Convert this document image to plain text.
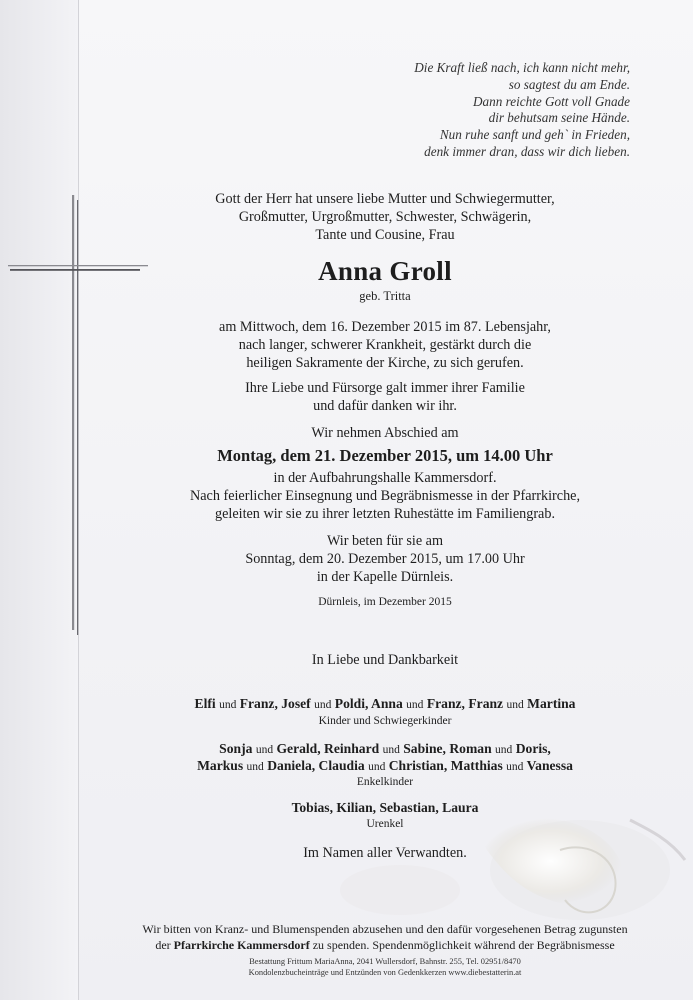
Die Kraft ließ nach, ich kann nicht mehr,
so sagtest du am Ende.
Dann reichte Gott voll Gnade
dir behutsam seine Hände.
Nun ruhe sanft und geh` in Frieden,
denk immer dran, dass wir dich lieben.
Gott der Herr hat unsere liebe Mutter und Schwiegermutter,
Großmutter, Urgroßmutter, Schwester, Schwägerin,
Tante und Cousine, Frau
Anna Groll
geb. Tritta
am Mittwoch, dem 16. Dezember 2015 im 87. Lebensjahr,
nach langer, schwerer Krankheit, gestärkt durch die
heiligen Sakramente der Kirche, zu sich gerufen.
Ihre Liebe und Fürsorge galt immer ihrer Familie
und dafür danken wir ihr.
Wir nehmen Abschied am
Montag, dem 21. Dezember 2015, um 14.00 Uhr
in der Aufbahrungshalle Kammersdorf.
Nach feierlicher Einsegnung und Begräbnismesse in der Pfarrkirche,
geleiten wir sie zu ihrer letzten Ruhestätte im Familiengrab.
Wir beten für sie am
Sonntag, dem 20. Dezember 2015, um 17.00 Uhr
in der Kapelle Dürnleis.
Dürnleis, im Dezember 2015
In Liebe und Dankbarkeit
Elfi und Franz, Josef und Poldi, Anna und Franz, Franz und Martina
Kinder und Schwiegerkinder
Sonja und Gerald, Reinhard und Sabine, Roman und Doris,
Markus und Daniela, Claudia und Christian, Matthias und Vanessa
Enkelkinder
Tobias, Kilian, Sebastian, Laura
Urenkel
Im Namen aller Verwandten.
Wir bitten von Kranz- und Blumenspenden abzusehen und den dafür vorgesehenen Betrag zugunsten
der Pfarrkirche Kammersdorf zu spenden. Spendenmöglichkeit während der Begräbnismesse
Bestattung Frittum MariaAnna, 2041 Wullersdorf, Bahnstr. 255, Tel. 02951/8470
Kondolenzbucheinträge und Entzünden von Gedenkkerzen www.diebestatterin.at
